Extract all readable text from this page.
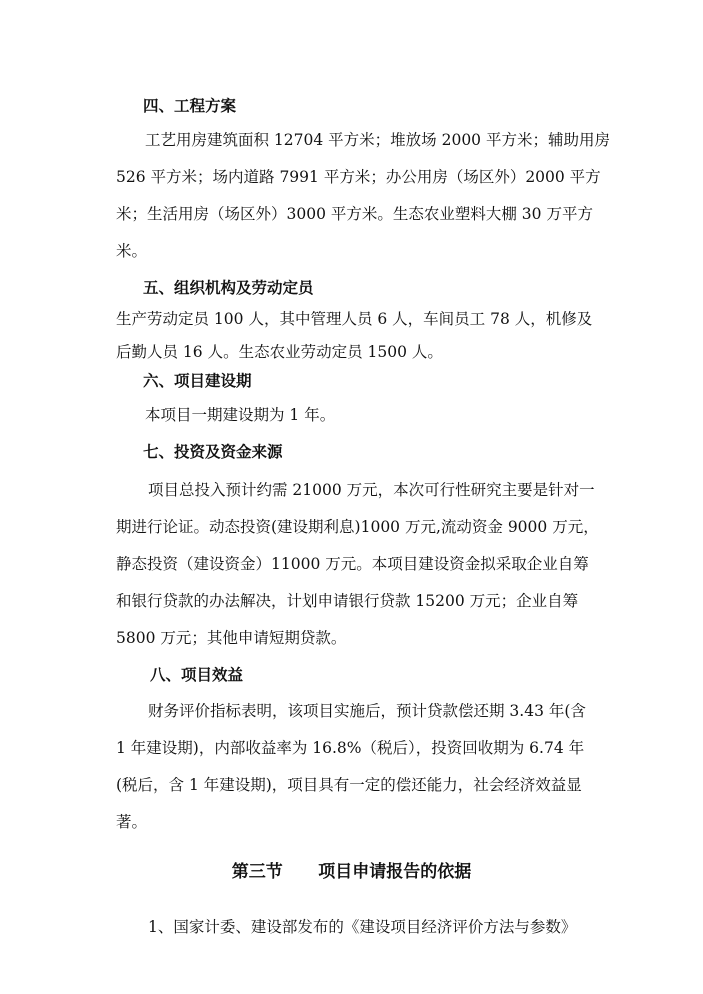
四、工程方案
工艺用房建筑面积 12704 平方米；堆放场 2000 平方米；辅助用房
526 平方米；场内道路 7991 平方米；办公用房（场区外）2000 平方
米；生活用房（场区外）3000 平方米。生态农业塑料大棚 30 万平方
米。
五、组织机构及劳动定员
生产劳动定员 100 人，其中管理人员 6 人，车间员工 78 人，机修及
后勤人员 16 人。生态农业劳动定员 1500 人。
六、项目建设期
本项目一期建设期为 1 年。
七、投资及资金来源
项目总投入预计约需 21000 万元，本次可行性研究主要是针对一
期进行论证。动态投资(建设期利息)1000 万元,流动资金 9000 万元，
静态投资（建设资金）11000 万元。本项目建设资金拟采取企业自筹
和银行贷款的办法解决，计划申请银行贷款 15200 万元；企业自筹
5800 万元；其他申请短期贷款。
八、项目效益
财务评价指标表明，该项目实施后，预计贷款偿还期 3.43 年(含
1 年建设期)，内部收益率为 16.8%（税后），投资回收期为 6.74 年
(税后，含 1 年建设期)，项目具有一定的偿还能力，社会经济效益显
著。
第三节      项目申请报告的依据
1、国家计委、建设部发布的《建设项目经济评价方法与参数》
